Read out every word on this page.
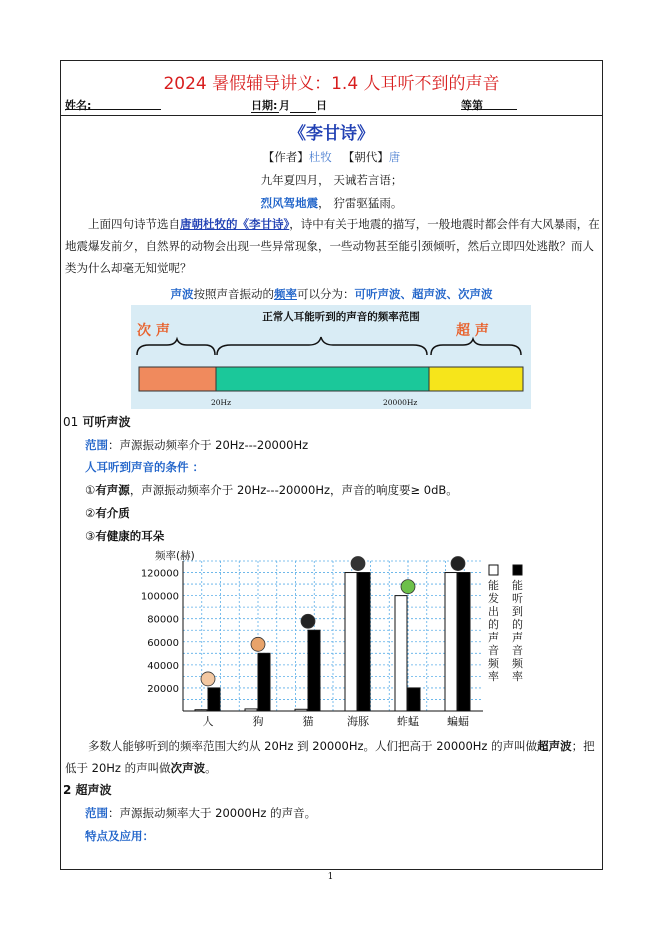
2024 暑假辅导讲义：1.4 人耳听不到的声音
姓名:	日期: 月 日	等第
《李甘诗》
【作者】杜牧 【朝代】唐
九年夏四月， 天诫若言语；
烈风驾地震， 狞雷驱猛雨。
上面四句诗节选自唐朝杜牧的《李甘诗》，诗中有关于地震的描写，一般地震时都会伴有大风暴雨，在地震爆发前夕，自然界的动物会出现一些异常现象，一些动物甚至能引颈倾听，然后立即四处逃散？而人类为什么却毫无知觉呢？
声波按照声音振动的频率可以分为：可听声波、超声波、次声波
正常人耳能听到的声音的频率范围
次 声	超 声
20Hz	20000Hz
01 可听声波
范围：声源振动频率介于 20Hz---20000Hz
人耳听到声音的条件 ：
①有声源，声源振动频率介于 20Hz---20000Hz，声音的响度要≥ 0dB。
②有介质
③有健康的耳朵
频率(赫)
20000
40000
60000
80000
100000
120000
人	狗	猫	海豚	蚱蜢	蝙蝠
能
发
出
的
声
音
频
率
能
听
到
的
声
音
频
率
多数人能够听到的频率范围大约从 20Hz 到 20000Hz。人们把高于 20000Hz 的声叫做超声波；把低于 20Hz 的声叫做次声波。
2 超声波
范围：声源振动频率大于 20000Hz 的声音。
特点及应用：
1
